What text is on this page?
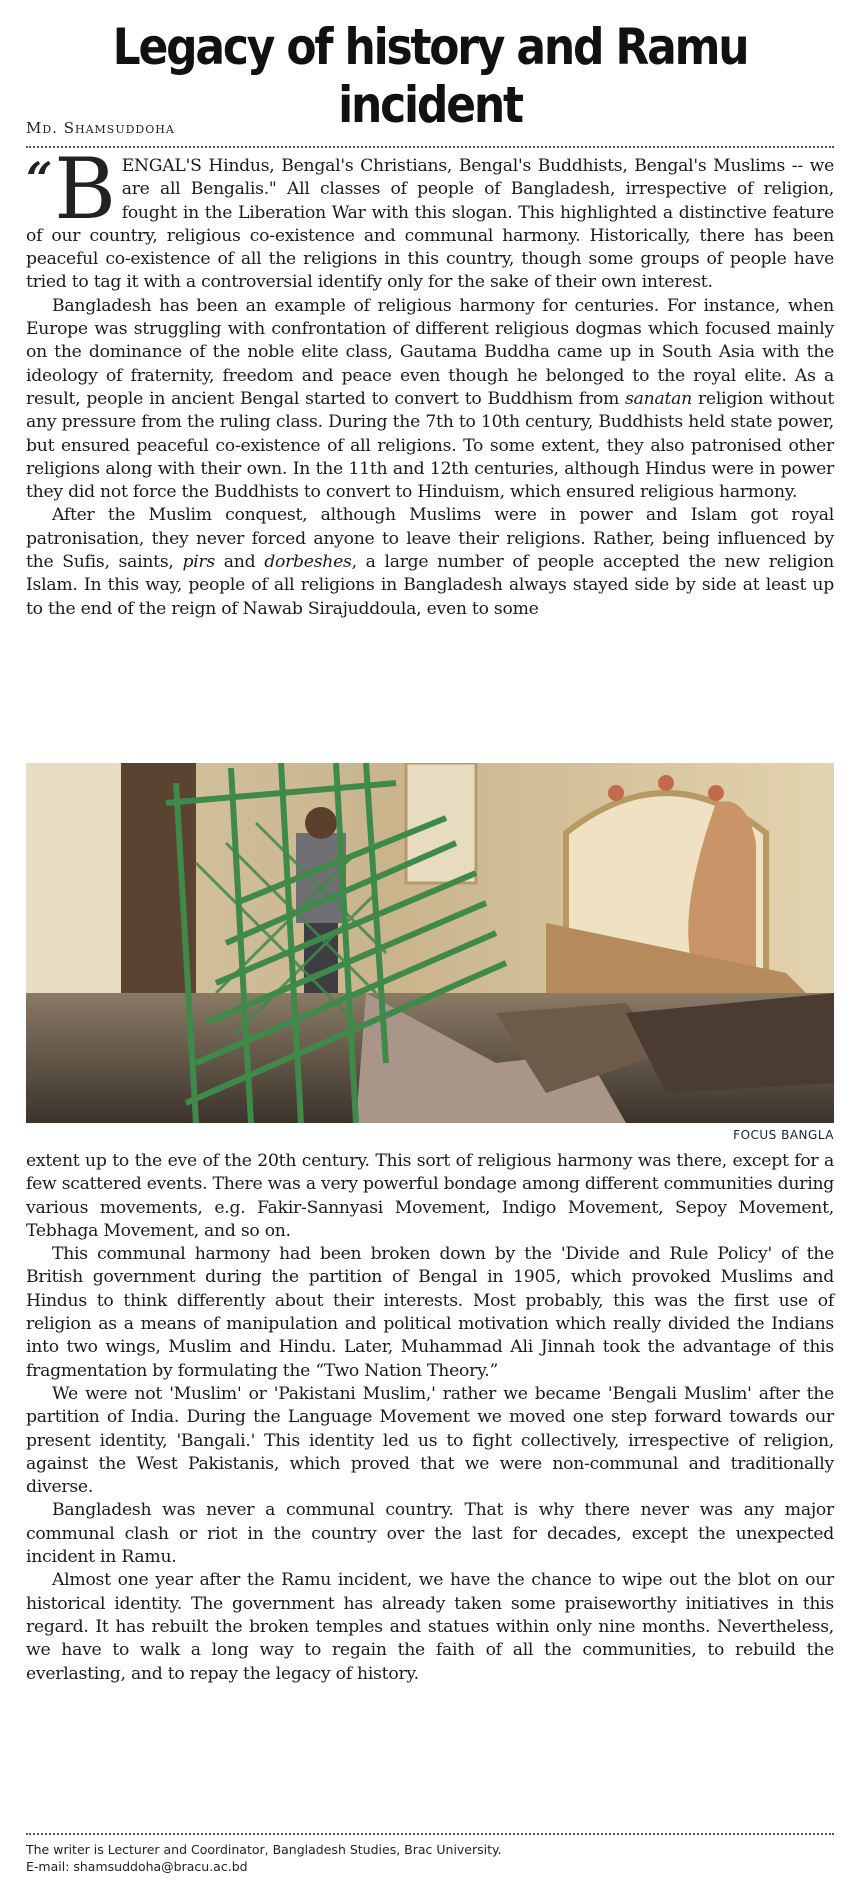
Legacy of history and Ramu incident
Md. Shamsuddoha

“ B ENGAL'S Hindus, Bengal's Christians, Bengal's Buddhists, Bengal's Muslims -- we are all Bengalis." All classes of people of Bangladesh, irrespective of religion, fought in the Liberation War with this slogan. This highlighted a distinctive feature of our country, religious co-existence and communal harmony. Historically, there has been peaceful co-existence of all the religions in this country, though some groups of people have tried to tag it with a controversial identify only for the sake of their own interest.

Bangladesh has been an example of religious harmony for centuries. For instance, when Europe was struggling with confrontation of different religious dogmas which focused mainly on the dominance of the noble elite class, Gautama Buddha came up in South Asia with the ideology of fraternity, freedom and peace even though he belonged to the royal elite. As a result, people in ancient Bengal started to convert to Buddhism from sanatan religion without any pressure from the ruling class. During the 7th to 10th century, Buddhists held state power, but ensured peaceful co-existence of all religions. To some extent, they also patronised other religions along with their own. In the 11th and 12th centuries, although Hindus were in power they did not force the Buddhists to convert to Hinduism, which ensured religious harmony.

After the Muslim conquest, although Muslims were in power and Islam got royal patronisation, they never forced anyone to leave their religions. Rather, being influenced by the Sufis, saints, pirs and dorbeshes, a large number of people accepted the new religion Islam. In this way, people of all religions in Bangladesh always stayed side by side at least up to the end of the reign of Nawab Sirajuddoula, even to some

FOCUS BANGLA

extent up to the eve of the 20th century. This sort of religious harmony was there, except for a few scattered events. There was a very powerful bondage among different communities during various movements, e.g. Fakir-Sannyasi Movement, Indigo Movement, Sepoy Movement, Tebhaga Movement, and so on.

This communal harmony had been broken down by the 'Divide and Rule Policy' of the British government during the partition of Bengal in 1905, which provoked Muslims and Hindus to think differently about their interests. Most probably, this was the first use of religion as a means of manipulation and political motivation which really divided the Indians into two wings, Muslim and Hindu. Later, Muhammad Ali Jinnah took the advantage of this fragmentation by formulating the “Two Nation Theory.”

We were not 'Muslim' or 'Pakistani Muslim,' rather we became 'Bengali Muslim' after the partition of India. During the Language Movement we moved one step forward towards our present identity, 'Bangali.' This identity led us to fight collectively, irrespective of religion, against the West Pakistanis, which proved that we were non-communal and traditionally diverse.

Bangladesh was never a communal country. That is why there never was any major communal clash or riot in the country over the last for decades, except the unexpected incident in Ramu.

Almost one year after the Ramu incident, we have the chance to wipe out the blot on our historical identity. The government has already taken some praiseworthy initiatives in this regard. It has rebuilt the broken temples and statues within only nine months. Nevertheless, we have to walk a long way to regain the faith of all the communities, to rebuild the everlasting, and to repay the legacy of history.

The writer is Lecturer and Coordinator, Bangladesh Studies, Brac University.
E-mail: shamsuddoha@bracu.ac.bd
